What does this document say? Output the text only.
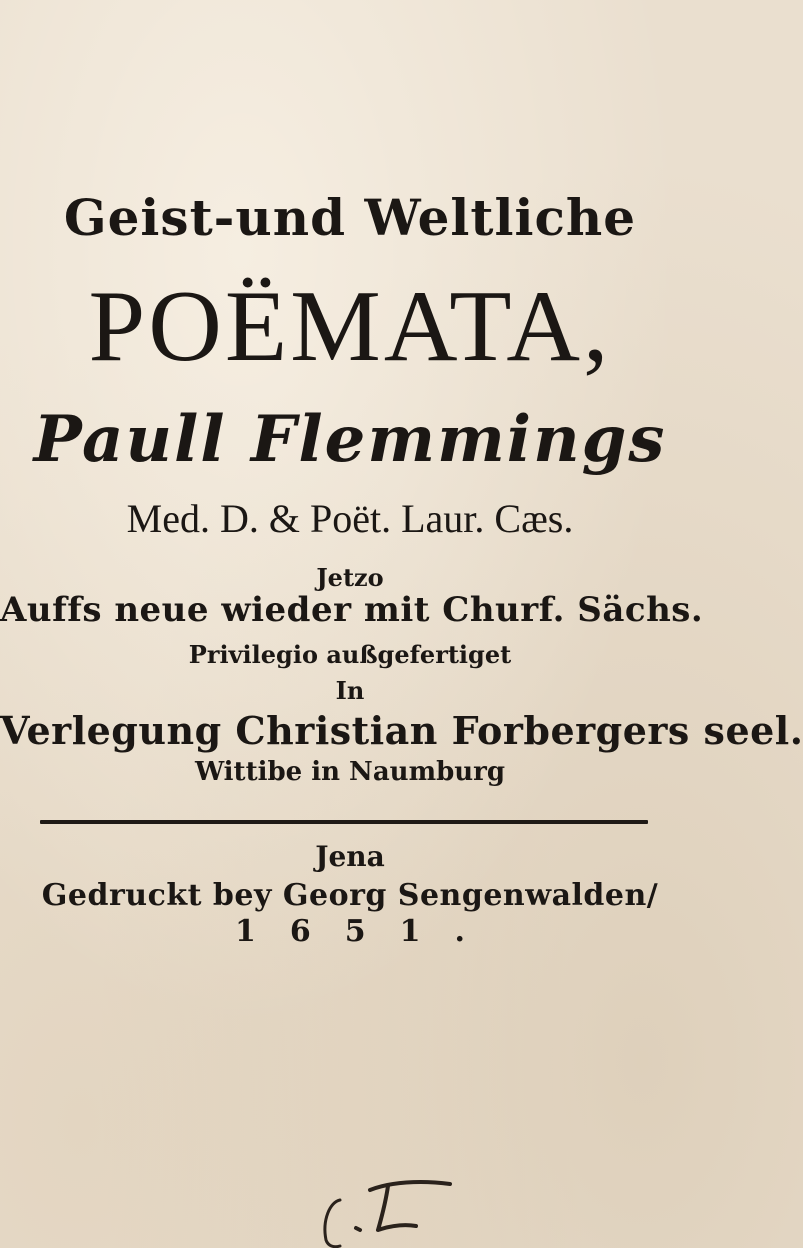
Geist-und Weltliche

POËMATA,

Paull Flemmings

Med. D. & Poët. Laur. Cæs.

Jetzo

Auffs neue wieder mit Churf. Sächs.

Privilegio außgefertiget

In

Verlegung Christian Forbergers seel.

Wittibe in Naumburg

Jena

Gedruckt bey Georg Sengenwalden/

1651.
